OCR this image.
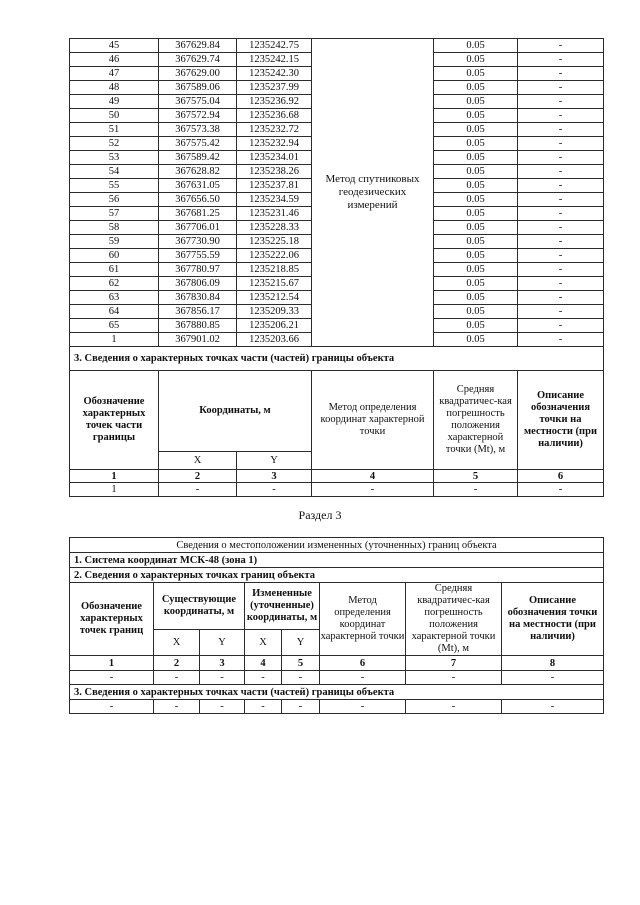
45	367629.84	1235242.75	Метод спутниковых геодезических измерений	0.05	-
46	367629.74	1235242.15		0.05	-
47	367629.00	1235242.30		0.05	-
48	367589.06	1235237.99		0.05	-
49	367575.04	1235236.92		0.05	-
50	367572.94	1235236.68		0.05	-
51	367573.38	1235232.72		0.05	-
52	367575.42	1235232.94		0.05	-
53	367589.42	1235234.01		0.05	-
54	367628.82	1235238.26		0.05	-
55	367631.05	1235237.81		0.05	-
56	367656.50	1235234.59		0.05	-
57	367681.25	1235231.46		0.05	-
58	367706.01	1235228.33		0.05	-
59	367730.90	1235225.18		0.05	-
60	367755.59	1235222.06		0.05	-
61	367780.97	1235218.85		0.05	-
62	367806.09	1235215.67		0.05	-
63	367830.84	1235212.54		0.05	-
64	367856.17	1235209.33		0.05	-
65	367880.85	1235206.21		0.05	-
1	367901.02	1235203.66		0.05	-
3. Сведения о характерных точках части (частей) границы объекта					
Обозначение характерных точек части границы	Координаты, м		Метод определения координат характерной точки	Средняя квадратичес-кая погрешность положения характерной точки (Mt), м	Описание обозначения точки на местности (при наличии)
	X	Y			
1	2	3	4	5	6
1	-	-	-	-	-
Раздел 3
Сведения о местоположении измененных (уточненных) границ объекта							
1. Система координат МСК-48 (зона 1)							
2. Сведения о характерных точках границ объекта							
Обозначение характерных точек границ	Существующие координаты, м		Измененные (уточненные) координаты, м		Метод определения координат характерной точки	Средняя квадратичес-кая погрешность положения характерной точки (Mt), м	Описание обозначения точки на местности (при наличии)
	X	Y	X	Y			
1	2	3	4	5	6	7	8
-	-	-	-	-	-	-	-
3. Сведения о характерных точках части (частей) границы объекта							
-	-	-	-	-	-	-	-
